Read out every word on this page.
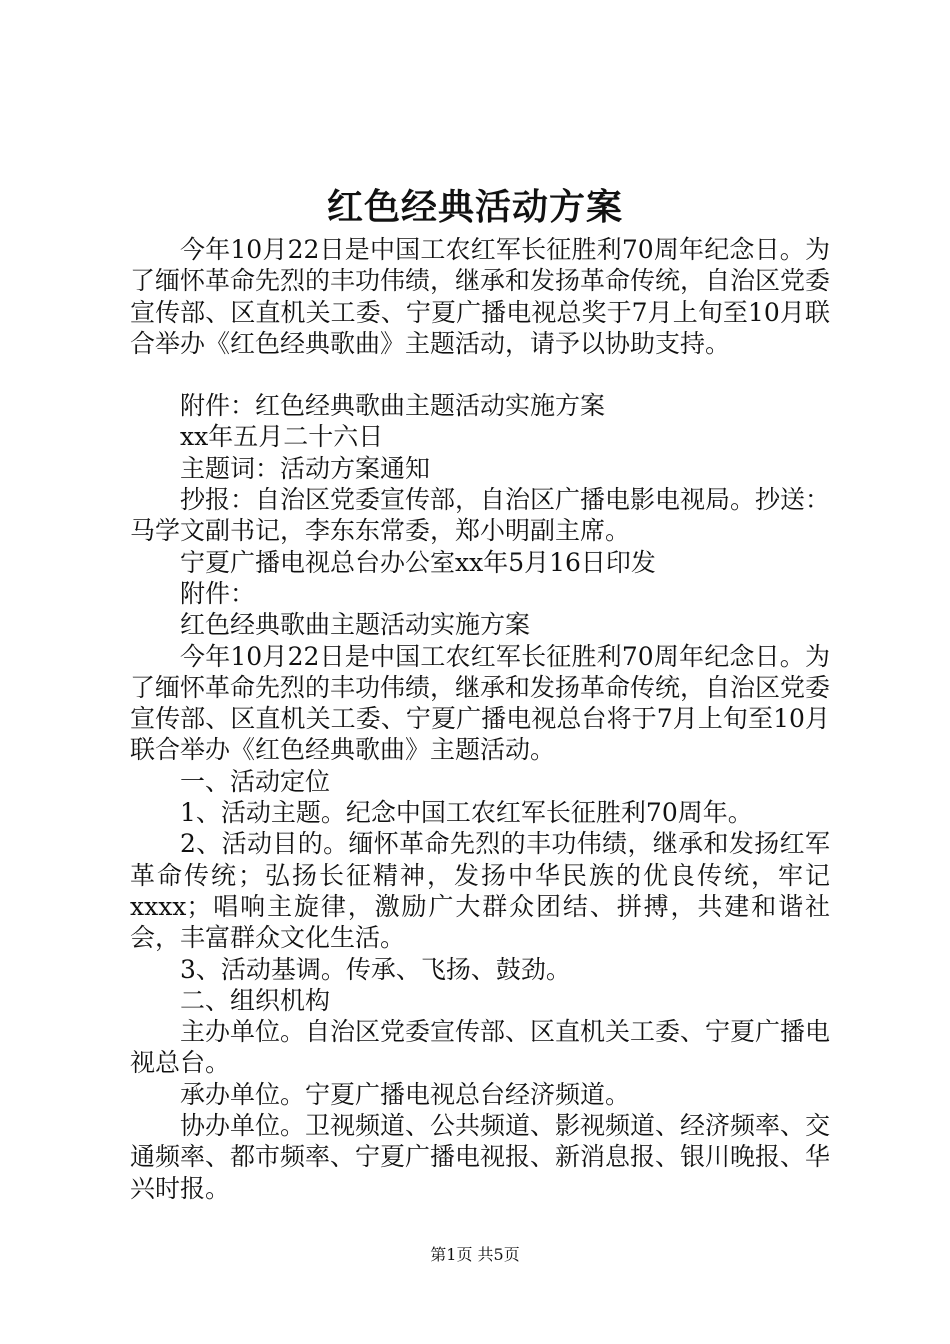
红色经典活动方案

今年10月22日是中国工农红军长征胜利70周年纪念日。为了缅怀革命先烈的丰功伟绩，继承和发扬革命传统，自治区党委宣传部、区直机关工委、宁夏广播电视总奖于7月上旬至10月联合举办《红色经典歌曲》主题活动，请予以协助支持。

附件：红色经典歌曲主题活动实施方案

xx年五月二十六日

主题词：活动方案通知

抄报：自治区党委宣传部，自治区广播电影电视局。抄送：马学文副书记，李东东常委，郑小明副主席。

宁夏广播电视总台办公室xx年5月16日印发

附件：

红色经典歌曲主题活动实施方案

今年10月22日是中国工农红军长征胜利70周年纪念日。为了缅怀革命先烈的丰功伟绩，继承和发扬革命传统，自治区党委宣传部、区直机关工委、宁夏广播电视总台将于7月上旬至10月联合举办《红色经典歌曲》主题活动。

一、活动定位

1、活动主题。纪念中国工农红军长征胜利70周年。

2、活动目的。缅怀革命先烈的丰功伟绩，继承和发扬红军革命传统；弘扬长征精神，发扬中华民族的优良传统，牢记xxxx；唱响主旋律，激励广大群众团结、拼搏，共建和谐社会，丰富群众文化生活。

3、活动基调。传承、飞扬、鼓劲。

二、组织机构

主办单位。自治区党委宣传部、区直机关工委、宁夏广播电视总台。

承办单位。宁夏广播电视总台经济频道。

协办单位。卫视频道、公共频道、影视频道、经济频率、交通频率、都市频率、宁夏广播电视报、新消息报、银川晚报、华兴时报。

第1页 共5页
